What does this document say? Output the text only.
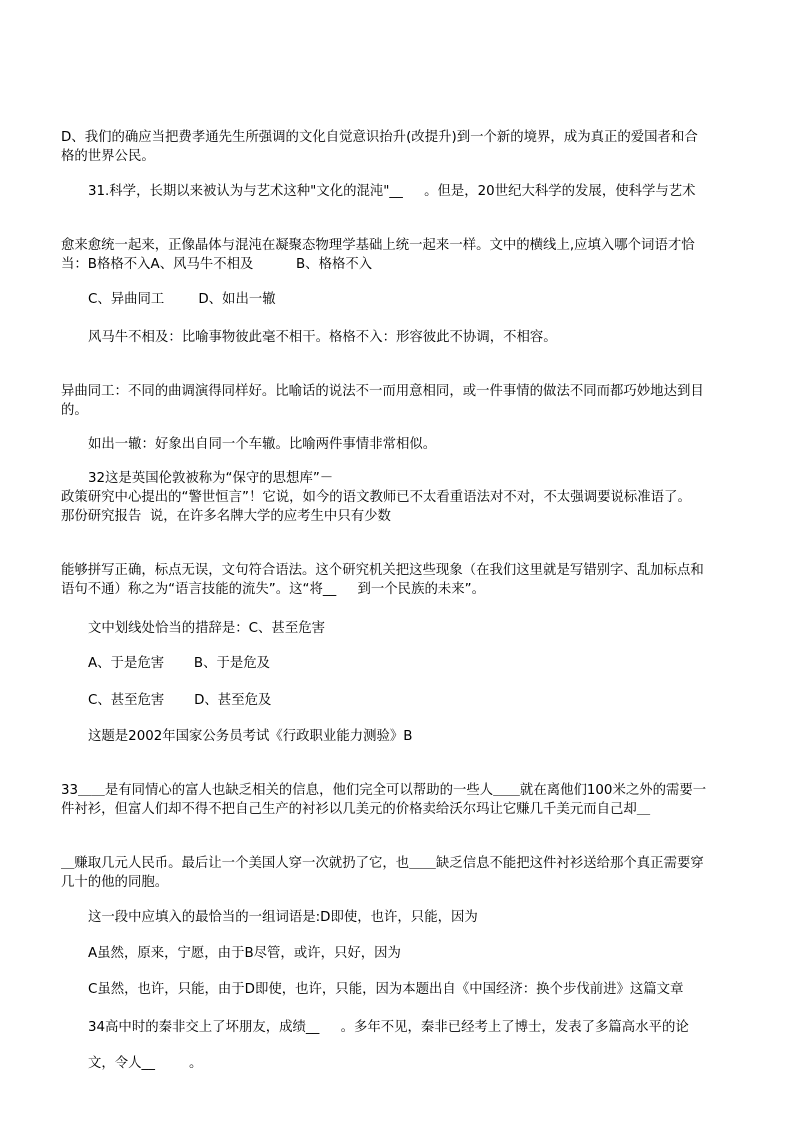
D、我们的确应当把费孝通先生所强调的文化自觉意识抬升(改提升)到一个新的境界，成为真正的爱国者和合
格的世界公民。
31.科学，长期以来被认为与艺术这种"文化的混沌"__     。但是，20世纪大科学的发展，使科学与艺术
愈来愈统一起来，正像晶体与混沌在凝聚态物理学基础上统一起来一样。文中的横线上,应填入哪个词语才恰
当：B格格不入A、风马牛不相及          B、格格不入
C、异曲同工        D、如出一辙
风马牛不相及：比喻事物彼此毫不相干。格格不入：形容彼此不协调，不相容。
异曲同工：不同的曲调演得同样好。比喻话的说法不一而用意相同，或一件事情的做法不同而都巧妙地达到目
的。
如出一辙：好象出自同一个车辙。比喻两件事情非常相似。
32这是英国伦敦被称为“保守的思想库”－
政策研究中心提出的“警世恒言”！它说，如今的语文教师已不太看重语法对不对，不太强调要说标准语了。
那份研究报告  说，在许多名牌大学的应考生中只有少数
能够拼写正确，标点无误，文句符合语法。这个研究机关把这些现象（在我们这里就是写错别字、乱加标点和
语句不通）称之为“语言技能的流失”。这“将__     到一个民族的未来”。
文中划线处恰当的措辞是：C、甚至危害
A、于是危害       B、于是危及
C、甚至危害       D、甚至危及
这题是2002年国家公务员考试《行政职业能力测验》B
33＿＿是有同情心的富人也缺乏相关的信息，他们完全可以帮助的一些人＿＿就在离他们100米之外的需要一
件衬衫，但富人们却不得不把自己生产的衬衫以几美元的价格卖给沃尔玛让它赚几千美元而自己却＿
＿赚取几元人民币。最后让一个美国人穿一次就扔了它，也＿＿缺乏信息不能把这件衬衫送给那个真正需要穿
几十的他的同胞。
这一段中应填入的最恰当的一组词语是:D即使，也许，只能，因为
A虽然，原来，宁愿，由于B尽管，或许，只好，因为
C虽然，也许，只能，由于D即使，也许，只能，因为本题出自《中国经济：换个步伐前进》这篇文章
34高中时的秦非交上了坏朋友，成绩__     。多年不见，秦非已经考上了博士，发表了多篇高水平的论
文，令人__        。
